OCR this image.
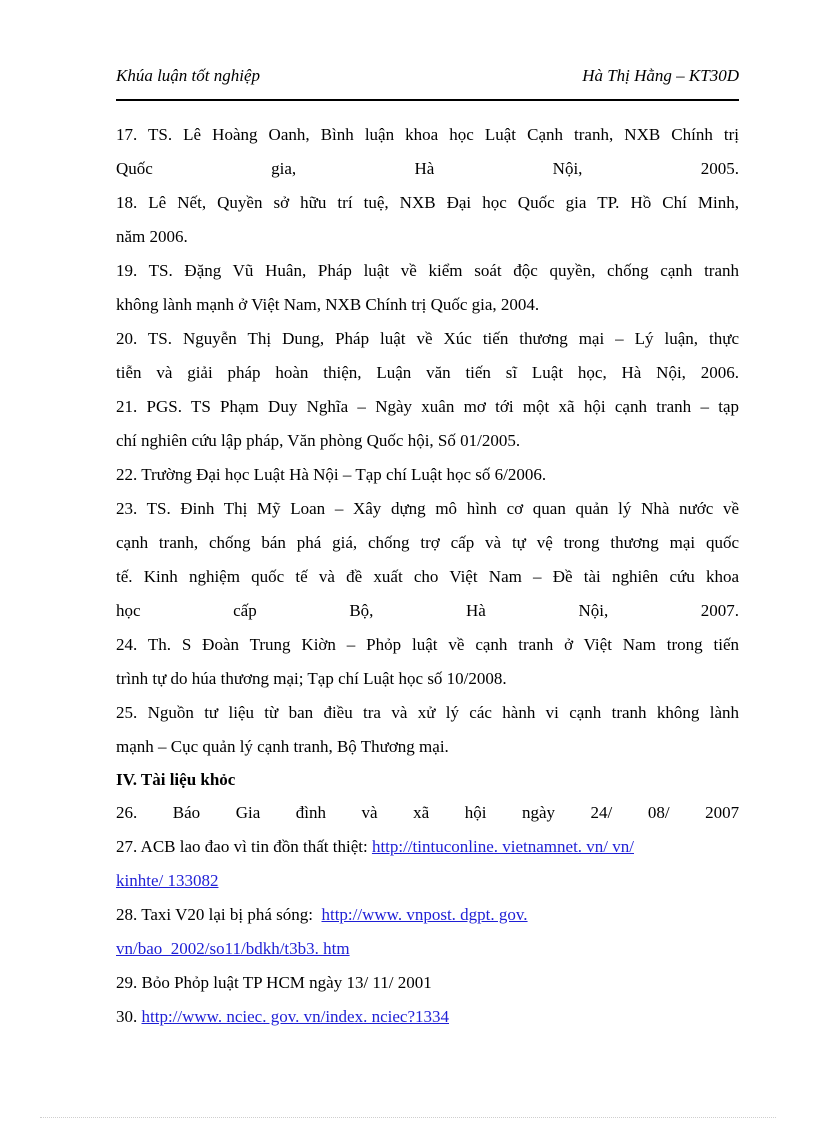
Khúa luận tốt nghiệp	Hà Thị Hằng – KT30D
17. TS. Lê Hoàng Oanh, Bình luận khoa học Luật Cạnh tranh, NXB Chính trị
Quốc	gia,	Hà	Nội,	2005.
18. Lê Nết, Quyền sở hữu trí tuệ, NXB Đại học Quốc gia TP. Hồ Chí Minh,
năm 2006.
19. TS. Đặng Vũ Huân, Pháp luật về kiểm soát độc quyền, chống cạnh tranh
không lành mạnh ở Việt Nam, NXB Chính trị Quốc gia, 2004.
20. TS. Nguyễn Thị Dung, Pháp luật về Xúc tiến thương mại – Lý luận, thực
tiễn và giải pháp hoàn thiện, Luận văn tiến sĩ Luật học, Hà Nội, 2006.
21. PGS. TS Phạm Duy Nghĩa – Ngày xuân mơ tới một xã hội cạnh tranh – tạp
chí nghiên cứu lập pháp, Văn phòng Quốc hội, Số 01/2005.
22. Trường Đại học Luật Hà Nội – Tạp chí Luật học số 6/2006.
23. TS. Đinh Thị Mỹ Loan – Xây dựng mô hình cơ quan quản lý Nhà nước về
cạnh tranh, chống bán phá giá, chống trợ cấp và tự vệ trong thương mại quốc
tế. Kinh nghiệm quốc tế và đề xuất cho Việt Nam – Đề tài nghiên cứu khoa
học	cấp	Bộ,	Hà	Nội,	2007.
24. Th. S Đoàn Trung Kiờn – Phỏp luật về cạnh tranh ở Việt Nam trong tiến
trình tự do húa thương mại; Tạp chí Luật học số 10/2008.
25. Nguồn tư liệu từ ban điều tra và xử lý các hành vi cạnh tranh không lành
mạnh – Cục quản lý cạnh tranh, Bộ Thương mại.
IV. Tài liệu khỏc
26. Báo Gia đình và xã hội ngày 24/ 08/ 2007
27. ACB lao đao vì tin đồn thất thiệt: http://tintuconline. vietnamnet. vn/ vn/
kinhte/ 133082
28. Taxi V20 lại bị phá sóng:  http://www. vnpost. dgpt. gov.
vn/bao_2002/so11/bdkh/t3b3. htm
29. Bỏo Phỏp luật TP HCM ngày 13/ 11/ 2001
30. http://www. nciec. gov. vn/index. nciec?1334
